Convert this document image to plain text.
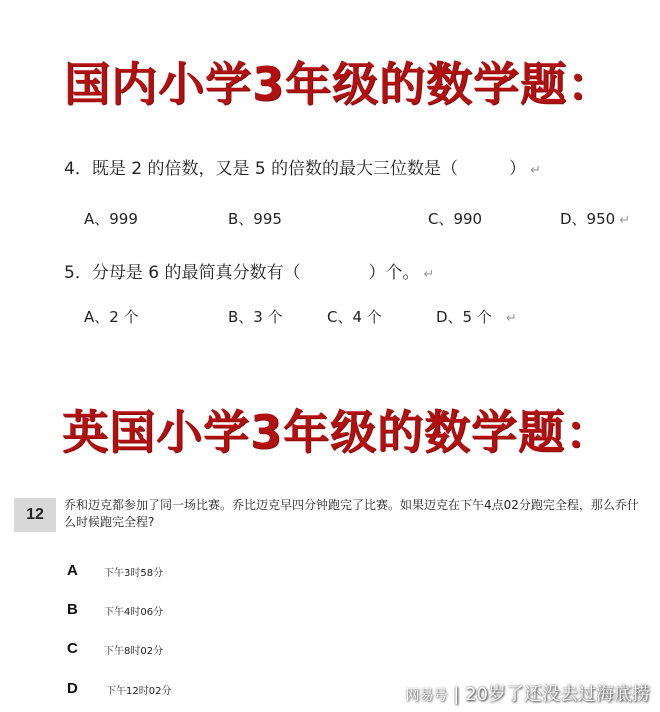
国内小学3年级的数学题：
4．既是 2 的倍数，又是 5 的倍数的最大三位数是（　　　） ↵
A、999	B、995	C、990	D、950 ↵
5．分母是 6 的最简真分数有（　　　　）个。 ↵
A、2 个	B、3 个	C、4 个	D、5 个 ↵
英国小学3年级的数学题：
12
乔和迈克都参加了同一场比赛。乔比迈克早四分钟跑完了比赛。如果迈克在下午4点02分跑完全程，那么乔什么时候跑完全程?
A	下午3时58分
B	下午4时06分
C	下午8时02分
D	下午12时02分	网易号 | 20岁了还没去过海底捞
